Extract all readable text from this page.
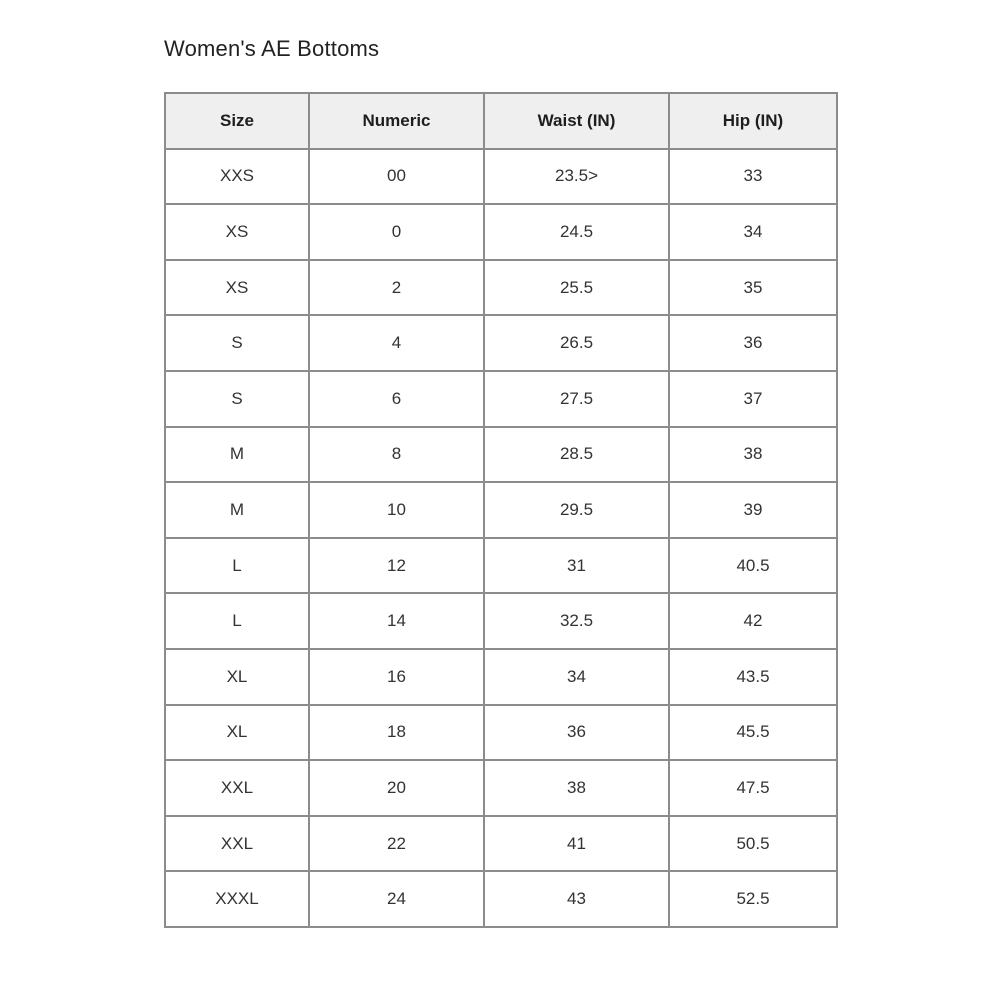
Women's AE Bottoms
Size	Numeric	Waist (IN)	Hip (IN)
XXS	00	23.5>	33
XS	0	24.5	34
XS	2	25.5	35
S	4	26.5	36
S	6	27.5	37
M	8	28.5	38
M	10	29.5	39
L	12	31	40.5
L	14	32.5	42
XL	16	34	43.5
XL	18	36	45.5
XXL	20	38	47.5
XXL	22	41	50.5
XXXL	24	43	52.5
